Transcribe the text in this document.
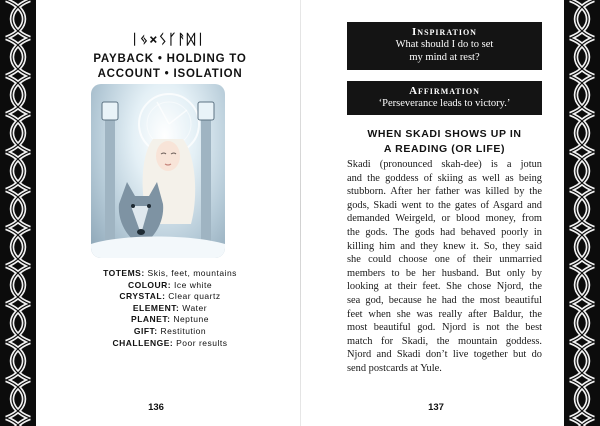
ᛁᛃ×ᛊᚴᚨᛞᛁ
PAYBACK • HOLDING TO
ACCOUNT • ISOLATION
TOTEMS: Skis, feet, mountains
COLOUR: Ice white
CRYSTAL: Clear quartz
ELEMENT: Water
PLANET: Neptune
GIFT: Restitution
CHALLENGE: Poor results
136
Inspiration
What should I do to set
my mind at rest?
Affirmation
‘Perseverance leads to victory.’
WHEN SKADI SHOWS UP IN
A READING (OR LIFE)
Skadi (pronounced skah-dee) is a jotun
and the goddess of skiing as well as being
stubborn. After her father was killed by the
gods, Skadi went to the gates of Asgard and
demanded Weirgeld, or blood money, from
the gods. The gods had behaved poorly in
killing him and they knew it. So, they said
she could choose one of their unmarried
members to be her husband. But only by
looking at their feet. She chose Njord, the
sea god, because he had the most beautiful
feet when she was really after Baldur, the
most beautiful god. Njord is not the best
match for Skadi, the mountain goddess.
Njord and Skadi don’t live together but do
send postcards at Yule.
137
